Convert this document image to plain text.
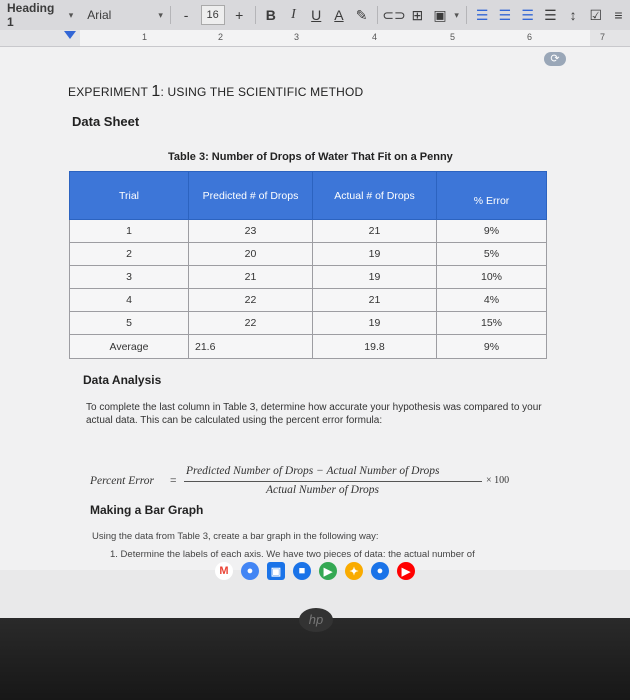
Heading 1
▾ Arial	▾ - 16 + B I U A ✎ ⊂⊃ ⊞ ▣ ▾ ☰ ☰ ☰ ☰ ↕ ☑ ≡
1	2	3	4	5	6	7
EXPERIMENT 1: USING THE SCIENTIFIC METHOD
Data Sheet
Table 3: Number of Drops of Water That Fit on a Penny
Trial	Predicted # of Drops	Actual # of Drops	% Error
1	23	21	9%
2	20	19	5%
3	21	19	10%
4	22	21	4%
5	22	19	15%
Average	21.6	19.8	9%
Data Analysis
To complete the last column in Table 3, determine how accurate your hypothesis was compared to your actual data. This can be calculated using the percent error formula:
Percent Error =
Predicted Number of Drops − Actual Number of Drops
Actual Number of Drops
× 100
Making a Bar Graph
Using the data from Table 3, create a bar graph in the following way:
1. Determine the labels of each axis. We have two pieces of data: the actual number of
⟳
M	●	▣	■	▶	✦	●	▶
hp
